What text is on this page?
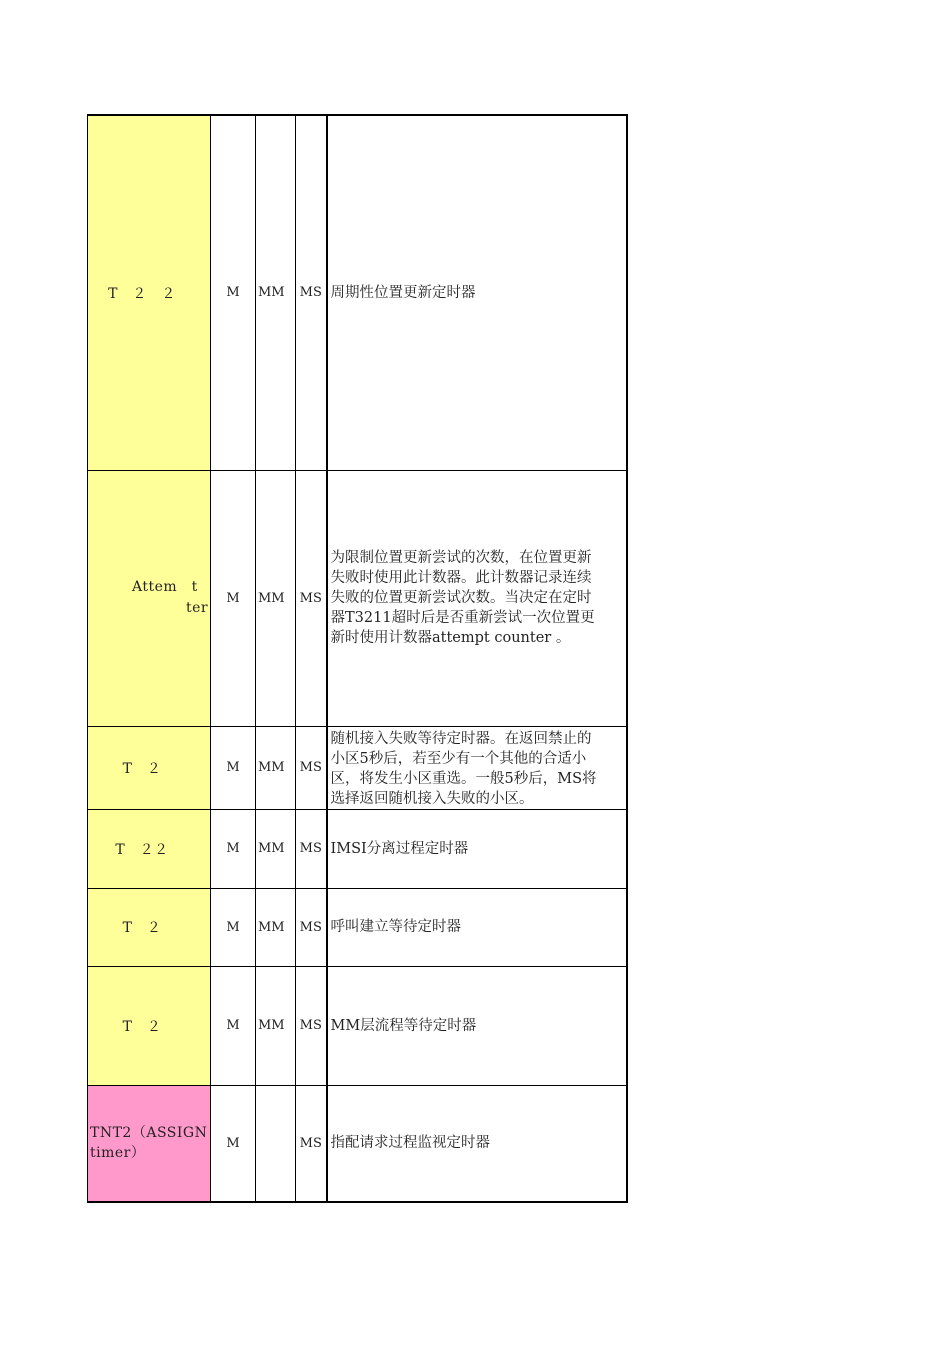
T　２　２	M	MM	MS	周期性位置更新定时器

Attem　t
ter	M	MM	MS	为限制位置更新尝试的次数，在位置更新
失败时使用此计数器。此计数器记录连续
失败的位置更新尝试次数。当决定在定时
器T3211超时后是否重新尝试一次位置更
新时使用计数器attempt counter 。
T　２	M	MM	MS	随机接入失败等待定时器。在返回禁止的
小区5秒后，若至少有一个其他的合适小
区，将发生小区重选。一般5秒后，MS将
选择返回随机接入失败的小区。
T　２２	M	MM	MS	IMSI分离过程定时器
T　２	M	MM	MS	呼叫建立等待定时器
T　２	M	MM	MS	MM层流程等待定时器
TNT2（ASSIGN
timer）	M		MS	指配请求过程监视定时器
